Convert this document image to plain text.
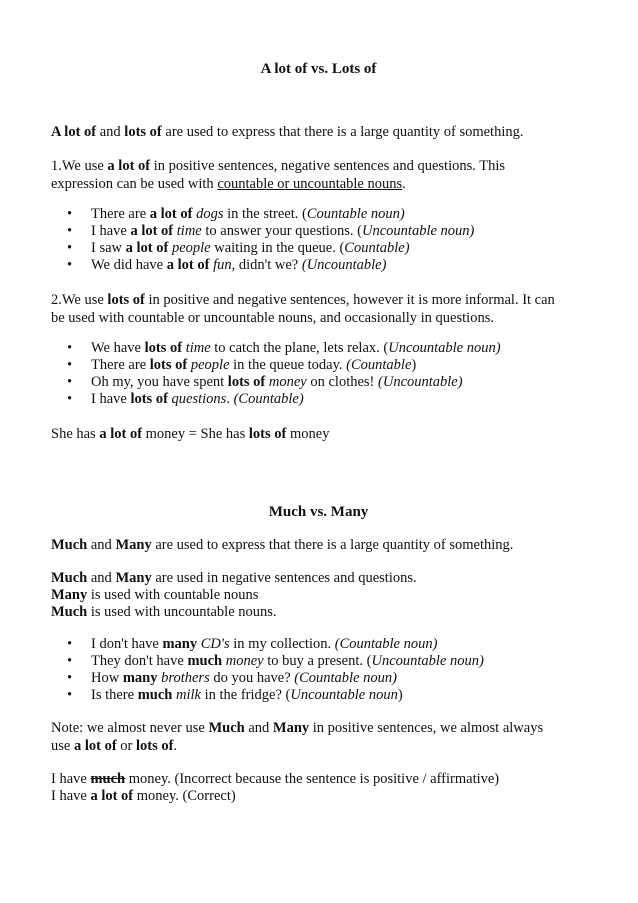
A lot of vs. Lots of
A lot of and lots of are used to express that there is a large quantity of something.
1.We use a lot of in positive sentences, negative sentences and questions. This
expression can be used with countable or uncountable nouns.
• There are a lot of dogs in the street. (Countable noun)
• I have a lot of time to answer your questions. (Uncountable noun)
• I saw a lot of people waiting in the queue. (Countable)
• We did have a lot of fun, didn't we? (Uncountable)
2.We use lots of in positive and negative sentences, however it is more informal. It can
be used with countable or uncountable nouns, and occasionally in questions.
• We have lots of time to catch the plane, lets relax. (Uncountable noun)
• There are lots of people in the queue today. (Countable)
• Oh my, you have spent lots of money on clothes! (Uncountable)
• I have lots of questions. (Countable)
She has a lot of money = She has lots of money
Much vs. Many
Much and Many are used to express that there is a large quantity of something.
Much and Many are used in negative sentences and questions.
Many is used with countable nouns
Much is used with uncountable nouns.
• I don't have many CD's in my collection. (Countable noun)
• They don't have much money to buy a present. (Uncountable noun)
• How many brothers do you have? (Countable noun)
• Is there much milk in the fridge? (Uncountable noun)
Note: we almost never use Much and Many in positive sentences, we almost always
use a lot of or lots of.
I have much money. (Incorrect because the sentence is positive / affirmative)
I have a lot of money. (Correct)
